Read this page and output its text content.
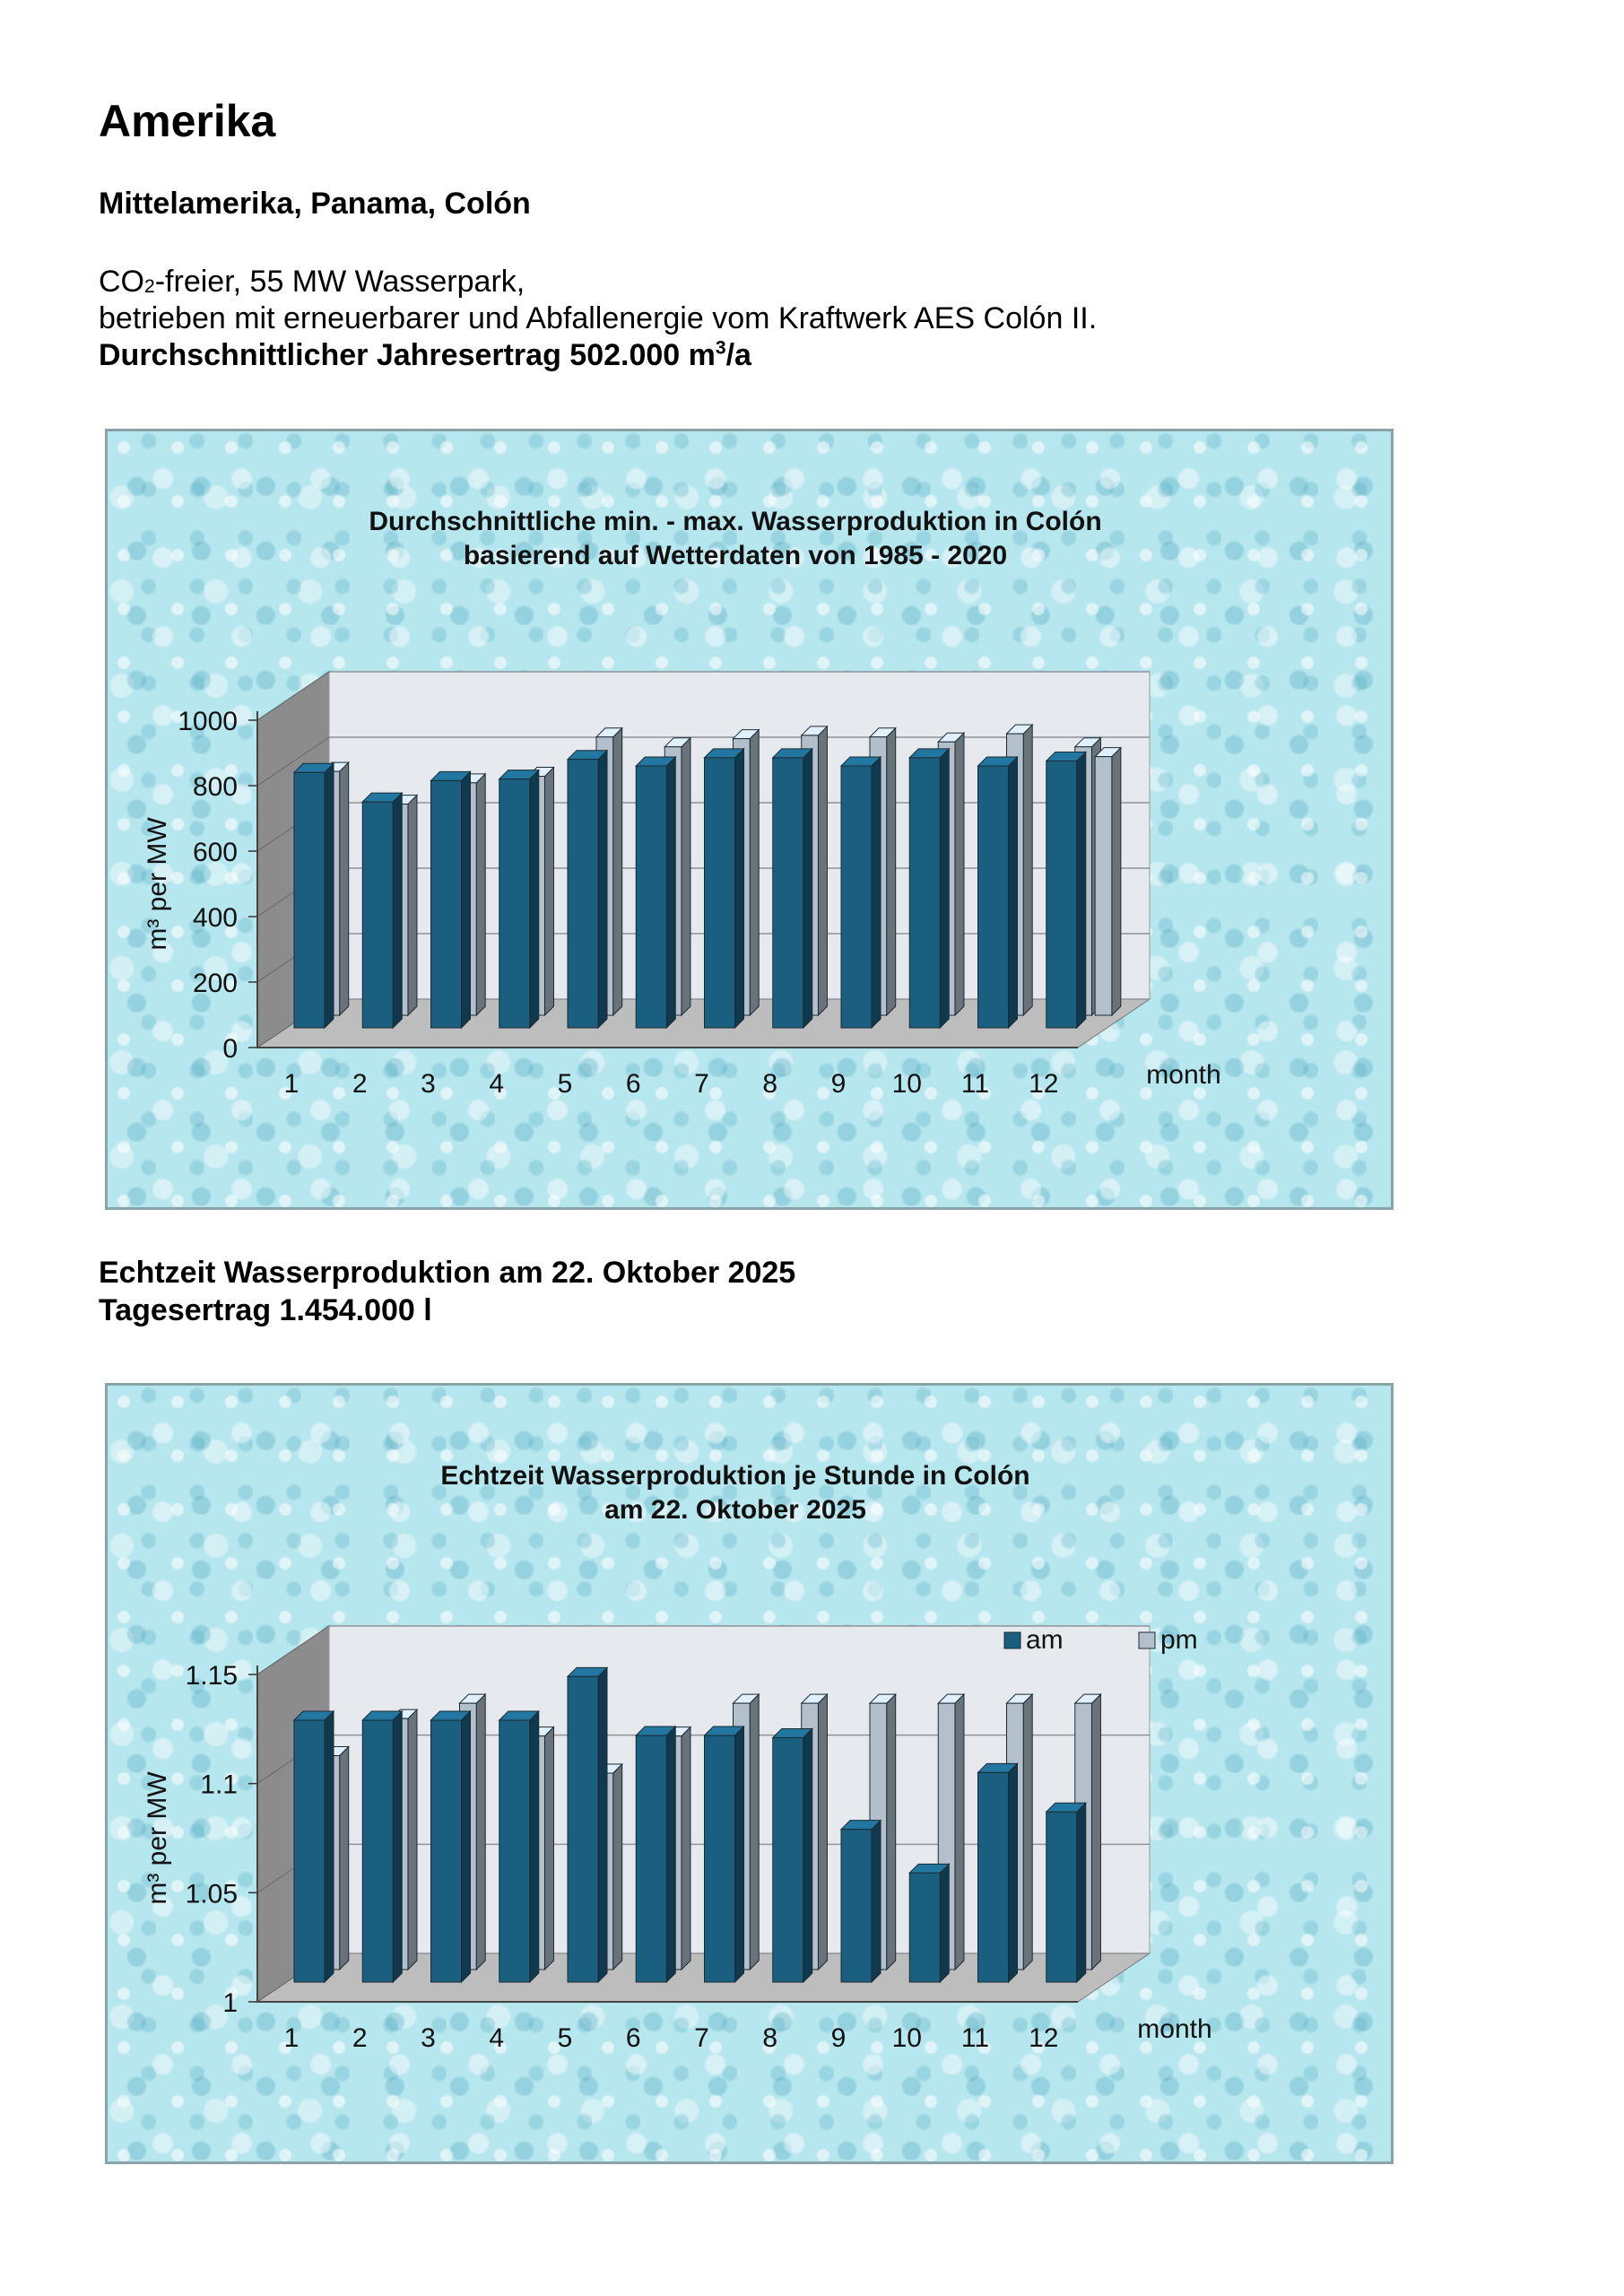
Amerika
Mittelamerika, Panama, Colón

$CO_2$-freier, 55 MW Wasserpark,

betrieben mit erneuerbarer und Abfallenergie vom Kraftwerk AES Colón II.

Durchschnittlicher Jahresertrag 502.000 $m^3/a$

Durchschnittliche min. - max. Wasserproduktion in Colón
basierend auf Wetterdaten von 1985 - 2020
0
200
400
600
800
1000
m³ per MW
1 2 3 4 5 6 7 8 9 10 11 12	month

Echtzeit Wasserproduktion am 22. Oktober 2025

Tagesertrag 1.454.000 l

Echtzeit Wasserproduktion je Stunde in Colón
am 22. Oktober 2025
1
1.05
1.1
1.15
m³ per MW
1 2 3 4 5 6 7 8 9 10 11 12	month
am	pm
